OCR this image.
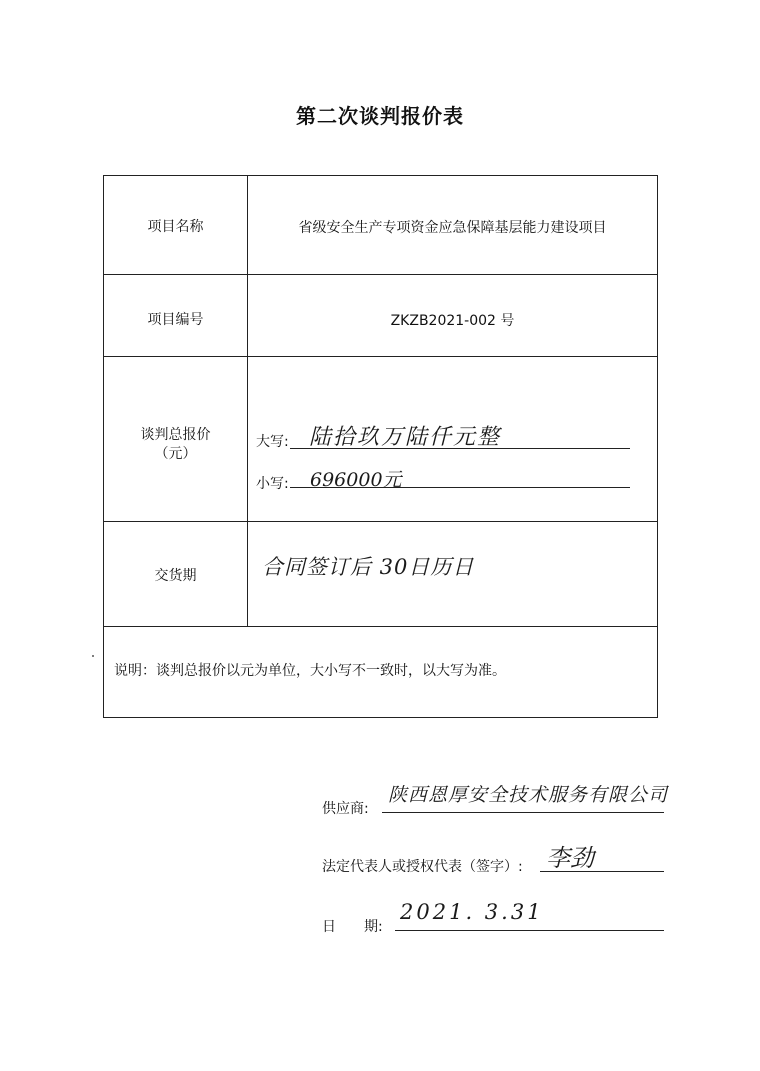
第二次谈判报价表
项目名称	省级安全生产专项资金应急保障基层能力建设项目
项目编号	ZKZB2021-002 号
谈判总报价
（元）
大写: 陆拾玖万陆仟元整
小写: 696000元
交货期	合同签订后 30日历日
说明：谈判总报价以元为单位，大小写不一致时，以大写为准。
供应商:
陕西恩厚安全技术服务有限公司
法定代表人或授权代表（签字）: 李劲
日　　期:
2021. 3.31
